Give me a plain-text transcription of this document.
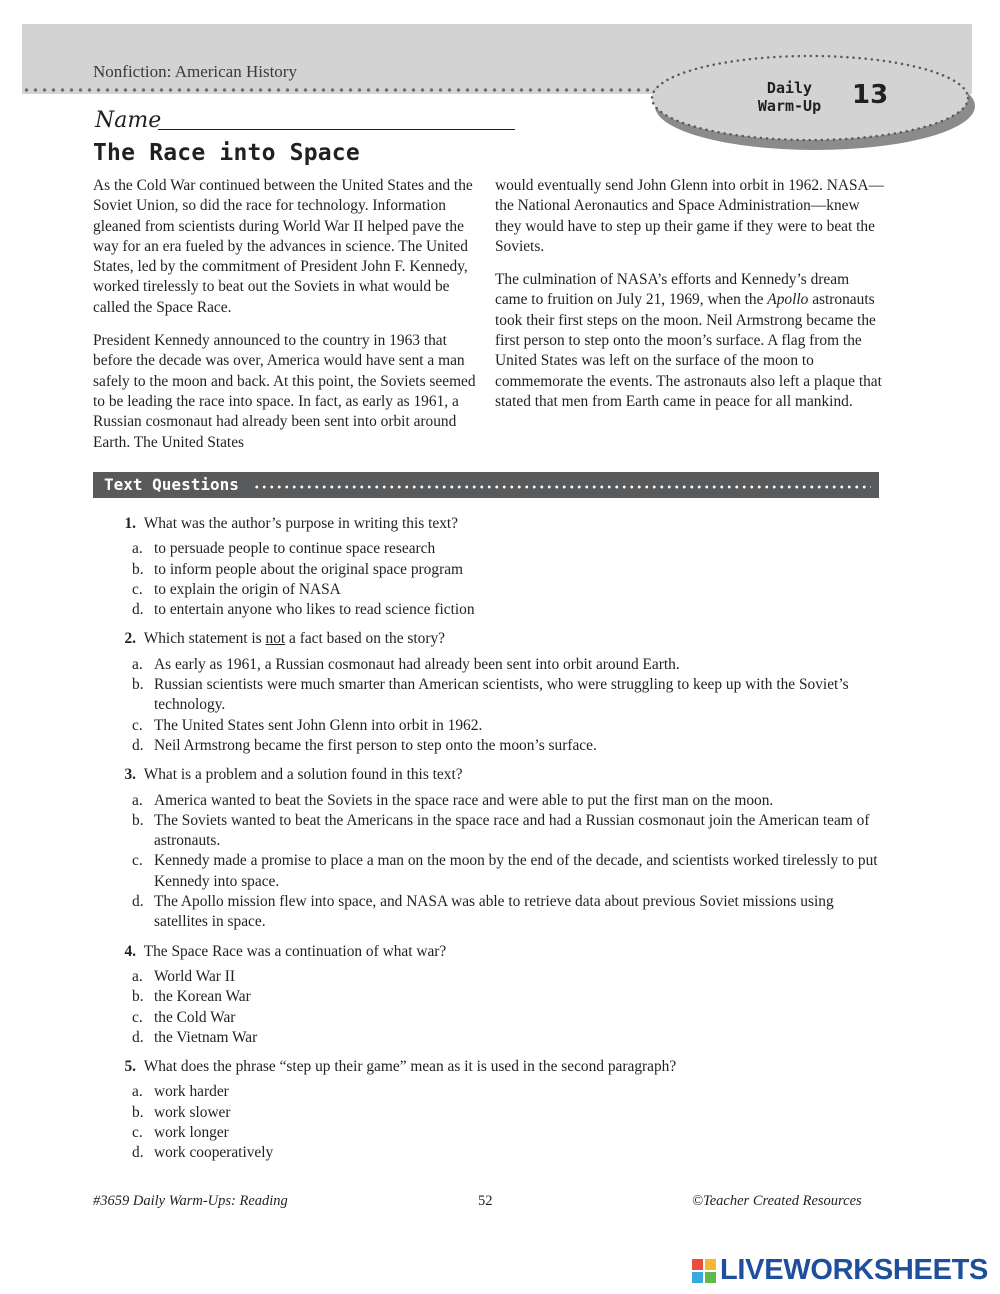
Nonfiction: American History
Daily
Warm-Up	13
Name
The Race into Space

As the Cold War continued between the United States and the Soviet Union, so did the race for technology. Information gleaned from scientists during World War II helped pave the way for an era fueled by the advances in science. The United States, led by the commitment of President John F. Kennedy, worked tirelessly to beat out the Soviets in what would be called the Space Race.

President Kennedy announced to the country in 1963 that before the decade was over, America would have sent a man safely to the moon and back. At this point, the Soviets seemed to be leading the race into space. In fact, as early as 1961, a Russian cosmonaut had already been sent into orbit around Earth. The United States

would eventually send John Glenn into orbit in 1962. NASA—the National Aeronautics and Space Administration—knew they would have to step up their game if they were to beat the Soviets.

The culmination of NASA’s efforts and Kennedy’s dream came to fruition on July 21, 1969, when the Apollo astronauts took their first steps on the moon. Neil Armstrong became the first person to step onto the moon’s surface. A flag from the United States was left on the surface of the moon to commemorate the events. The astronauts also left a plaque that stated that men from Earth came in peace for all mankind.

Text Questions
1.
What was the author’s purpose in writing this text?
a. to persuade people to continue space research
b. to inform people about the original space program
c. to explain the origin of NASA
d. to entertain anyone who likes to read science fiction
2.
Which statement is not a fact based on the story?
a. As early as 1961, a Russian cosmonaut had already been sent into orbit around Earth.
b. Russian scientists were much smarter than American scientists, who were struggling to keep up with the Soviet’s technology.
c. The United States sent John Glenn into orbit in 1962.
d. Neil Armstrong became the first person to step onto the moon’s surface.
3.
What is a problem and a solution found in this text?
a. America wanted to beat the Soviets in the space race and were able to put the first man on the moon.
b. The Soviets wanted to beat the Americans in the space race and had a Russian cosmonaut join the American team of astronauts.
c. Kennedy made a promise to place a man on the moon by the end of the decade, and scientists worked tirelessly to put Kennedy into space.
d. The Apollo mission flew into space, and NASA was able to retrieve data about previous Soviet missions using satellites in space.
4.
The Space Race was a continuation of what war?
a. World War II
b. the Korean War
c. the Cold War
d. the Vietnam War
5.
What does the phrase “step up their game” mean as it is used in the second paragraph?
a. work harder
b. work slower
c. work longer
d. work cooperatively
#3659 Daily Warm-Ups: Reading	52	©Teacher Created Resources
LIVEWORKSHEETS
